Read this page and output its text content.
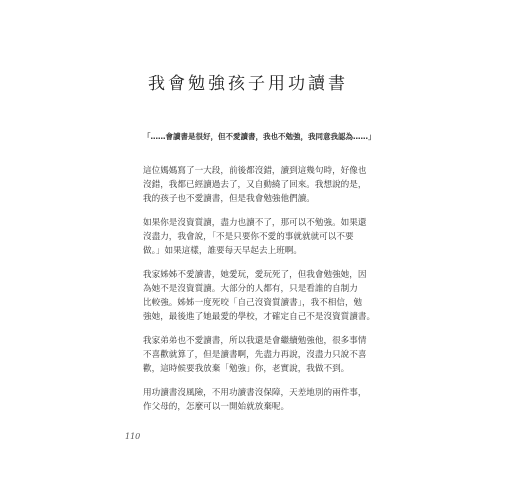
我會勉強孩子用功讀書
「……會讀書是很好，但不愛讀書，我也不勉強，我同意我認為……」
這位媽媽寫了一大段，前後都沒錯，讀到這幾句時，好像也
沒錯，我都已經讀過去了，又自動繞了回來。我想說的是，
我的孩子也不愛讀書，但是我會勉強他們讀。
如果你是沒資質讀，盡力也讀不了，那可以不勉強。如果還
沒盡力，我會說，「不是只要你不愛的事就就就可以不要
做。」如果這樣，誰要每天早起去上班啊。
我家姊姊不愛讀書，她愛玩，愛玩死了，但我會勉強她，因
為她不是沒資質讀。大部分的人都有，只是看誰的自制力
比較強。姊姊一度死咬「自己沒資質讀書」，我不相信，勉
強她，最後進了她最愛的學校，才確定自己不是沒資質讀書。
我家弟弟也不愛讀書，所以我還是會繼續勉強他，很多事情
不喜歡就算了，但是讀書啊，先盡力再說，沒盡力只說不喜
歡，這時候要我放棄「勉強」你，老實說，我做不到。
用功讀書沒風險，不用功讀書沒保障，天差地別的兩件事，
作父母的，怎麼可以一開始就放棄呢。
110
